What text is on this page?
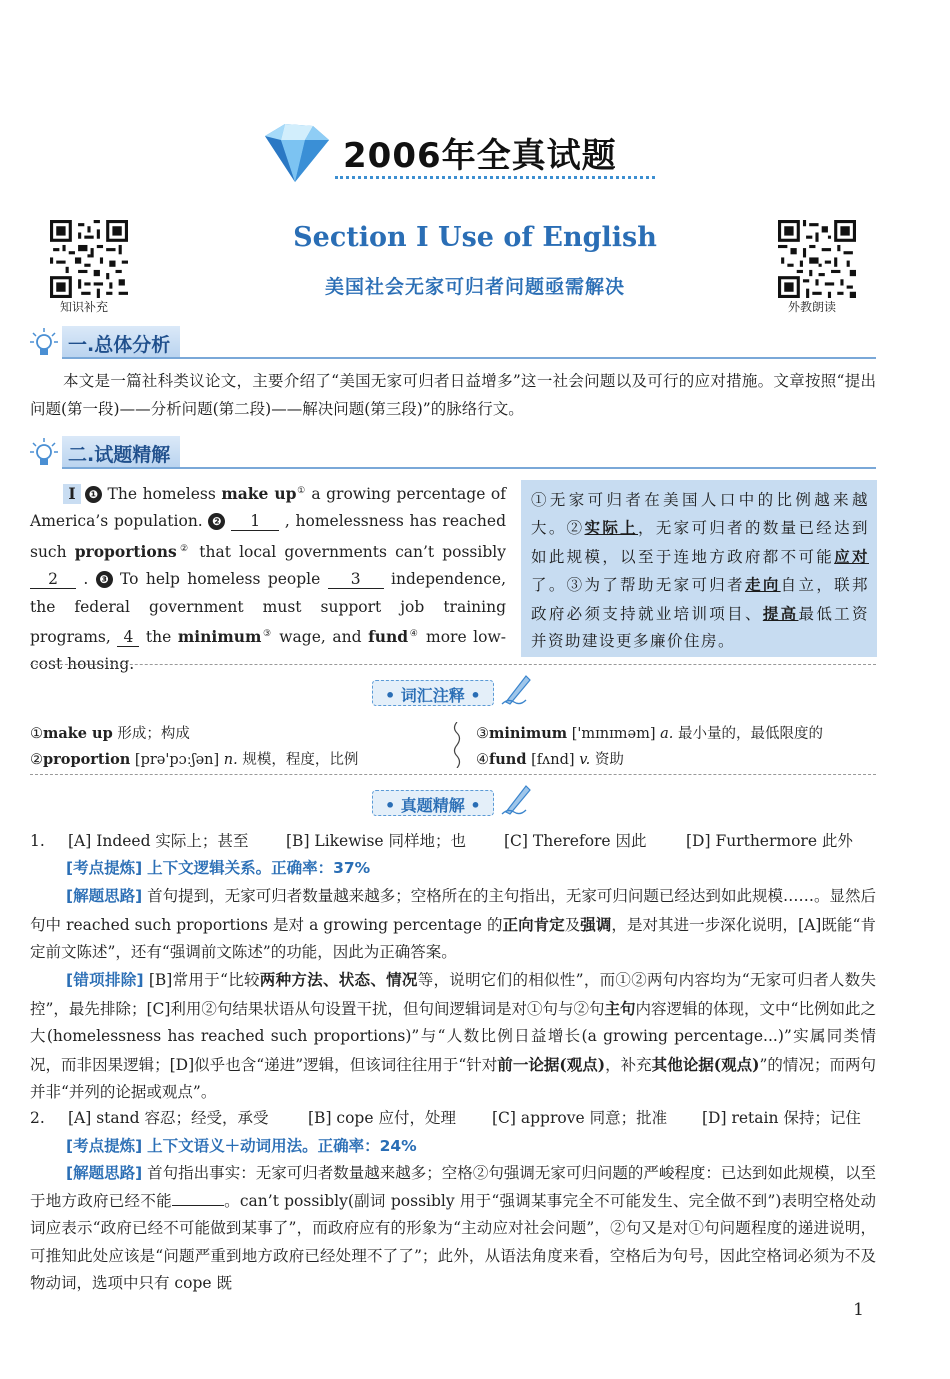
2006年全真试题
知识补充	外教朗读
Section Ⅰ Use of English
美国社会无家可归者问题亟需解决
一.总体分析
本文是一篇社科类议论文，主要介绍了“美国无家可归者日益增多”这一社会问题以及可行的应对措施。文章按照“提出问题(第一段)——分析问题(第二段)——解决问题(第三段)”的脉络行文。
二.试题精解
Ⅰ ❶ The homeless make up① a growing percentage of America’s population. ❷ 1 , homelessness has reached such proportions② that local governments can’t possibly 2 . ❸ To help homeless people 3 independence, the federal government must support job training programs, 4 the minimum③ wage, and fund④ more low-cost housing.
①无家可归者在美国人口中的比例越来越大。②实际上，无家可归者的数量已经达到如此规模，以至于连地方政府都不可能应对了。③为了帮助无家可归者走向自立，联邦政府必须支持就业培训项目、提高最低工资并资助建设更多廉价住房。
• 词汇注释 •
①make up 形成；构成
②proportion [prə'pɔːʃən] n. 规模，程度，比例
③minimum ['mɪnɪməm] a. 最小量的，最低限度的
④fund [fʌnd] v. 资助
• 真题精解 •
1. [A] Indeed 实际上；甚至 [B] Likewise 同样地；也 [C] Therefore 因此	[D] Furthermore 此外
[考点提炼] 上下文逻辑关系。正确率：37%
[解题思路] 首句提到，无家可归者数量越来越多；空格所在的主句指出，无家可归问题已经达到如此规模……。显然后句中 reached such proportions 是对 a growing percentage 的正向肯定及强调，是对其进一步深化说明，[A]既能“肯定前文陈述”，还有“强调前文陈述”的功能，因此为正确答案。
[错项排除] [B]常用于“比较两种方法、状态、情况等，说明它们的相似性”，而①②两句内容均为“无家可归者人数失控”，最先排除；[C]利用②句结果状语从句设置干扰，但句间逻辑词是对①句与②句主句内容逻辑的体现，文中“比例如此之大(homelessness has reached such proportions)”与“人数比例日益增长(a growing percentage...)”实属同类情况，而非因果逻辑；[D]似乎也含“递进”逻辑，但该词往往用于“针对前一论据(观点)，补充其他论据(观点)”的情况；而两句并非“并列的论据或观点”。
2. [A] stand 容忍；经受，承受	[B] cope 应付，处理 [C] approve 同意；批准 [D] retain 保持；记住
[考点提炼] 上下文语义＋动词用法。正确率：24%
[解题思路] 首句指出事实：无家可归者数量越来越多；空格②句强调无家可归问题的严峻程度：已达到如此规模，以至于地方政府已经不能	。can’t possibly(副词 possibly 用于“强调某事完全不可能发生、完全做不到”)表明空格处动词应表示“政府已经不可能做到某事了”，而政府应有的形象为“主动应对社会问题”，②句又是对①句问题程度的递进说明，可推知此处应该是“问题严重到地方政府已经处理不了了”；此外，从语法角度来看，空格后为句号，因此空格词必须为不及物动词，选项中只有 cope 既
1
